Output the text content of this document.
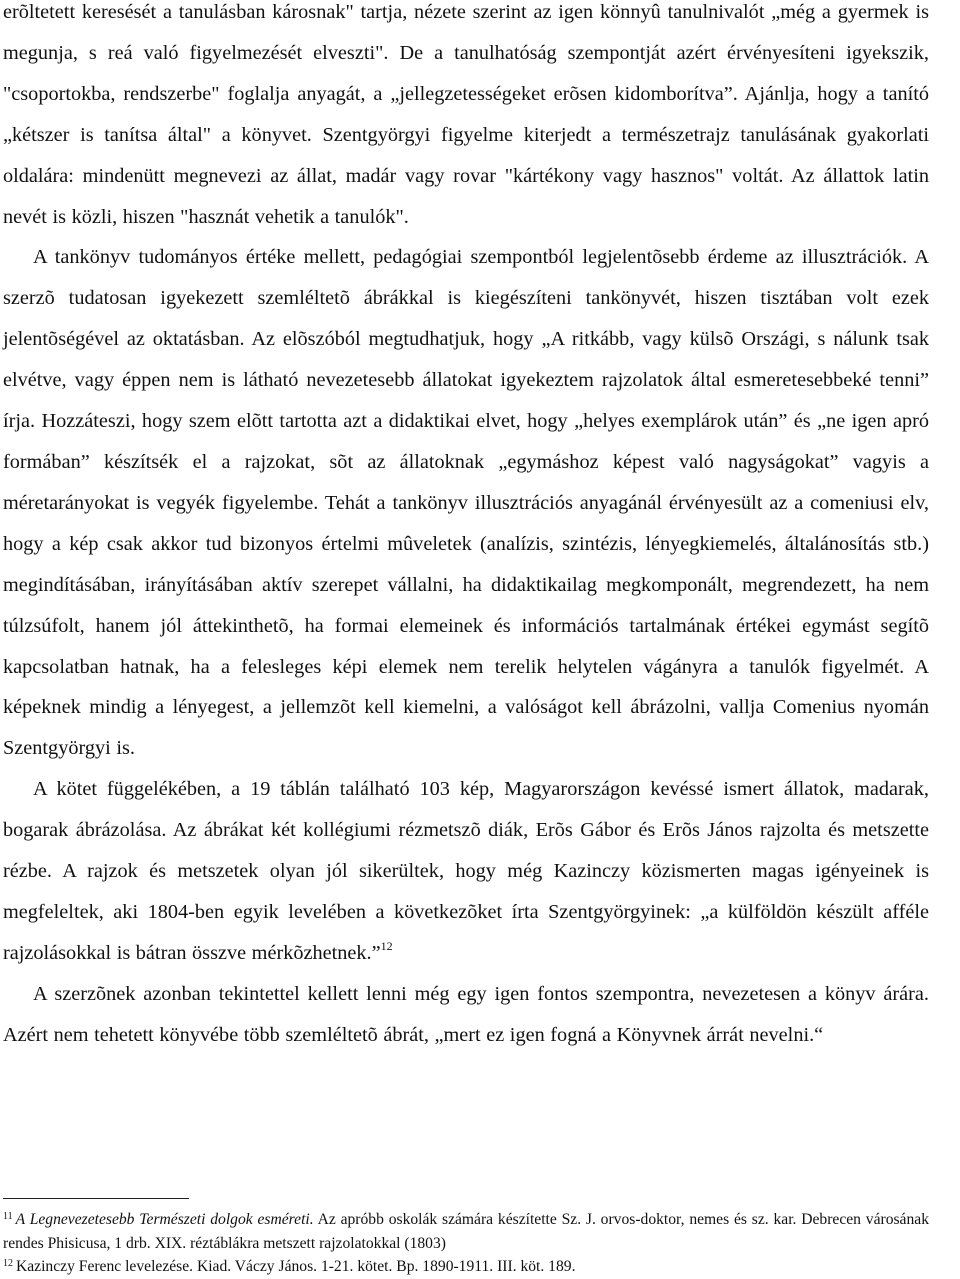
erõltetett keresését a tanulásban károsnak" tartja, nézete szerint az igen könnyû tanulnivalót „még a gyermek is megunja, s reá való figyelmezését elveszti". De a tanulhatóság szempontját azért érvényesíteni igyekszik, "csoportokba, rendszerbe" foglalja anyagát, a „jellegzetességeket erõsen kidomborítva”. Ajánlja, hogy a tanító „kétszer is tanítsa által" a könyvet. Szentgyörgyi figyelme kiterjedt a természetrajz tanulásának gyakorlati oldalára: mindenütt megnevezi az állat, madár vagy rovar "kártékony vagy hasznos" voltát. Az állattok latin nevét is közli, hiszen "hasznát vehetik a tanulók".
A tankönyv tudományos értéke mellett, pedagógiai szempontból legjelentõsebb érdeme az illusztrációk. A szerzõ tudatosan igyekezett szemléltetõ ábrákkal is kiegészíteni tankönyvét, hiszen tisztában volt ezek jelentõségével az oktatásban. Az elõszóból megtudhatjuk, hogy „A ritkább, vagy külsõ Országi, s nálunk tsak elvétve, vagy éppen nem is látható nevezetesebb állatokat igyekeztem rajzolatok által esmeretesebbeké tenni” írja. Hozzáteszi, hogy szem elõtt tartotta azt a didaktikai elvet, hogy „helyes exemplárok után” és „ne igen apró formában” készítsék el a rajzokat, sõt az állatoknak „egymáshoz képest való nagyságokat” vagyis a méretarányokat is vegyék figyelembe. Tehát a tankönyv illusztrációs anyagánál érvényesült az a comeniusi elv, hogy a kép csak akkor tud bizonyos értelmi mûveletek (analízis, szintézis, lényegkiemelés, általánosítás stb.) megindításában, irányításában aktív szerepet vállalni, ha didaktikailag megkomponált, megrendezett, ha nem túlzsúfolt, hanem jól áttekinthetõ, ha formai elemeinek és információs tartalmának értékei egymást segítõ kapcsolatban hatnak, ha a felesleges képi elemek nem terelik helytelen vágányra a tanulók figyelmét. A képeknek mindig a lényegest, a jellemzõt kell kiemelni, a valóságot kell ábrázolni, vallja Comenius nyomán Szentgyörgyi is.
A kötet függelékében, a 19 táblán található 103 kép, Magyarországon kevéssé ismert állatok, madarak, bogarak ábrázolása. Az ábrákat két kollégiumi rézmetszõ diák, Erõs Gábor és Erõs János rajzolta és metszette rézbe. A rajzok és metszetek olyan jól sikerültek, hogy még Kazinczy közismerten magas igényeinek is megfeleltek, aki 1804-ben egyik levelében a következõket írta Szentgyörgyinek: „a külföldön készült afféle rajzolásokkal is bátran összve mérkõzhetnek.”$^{12}$
A szerzõnek azonban tekintettel kellett lenni még egy igen fontos szempontra, nevezetesen a könyv árára. Azért nem tehetett könyvébe több szemléltetõ ábrát, „mert ez igen fogná a Könyvnek árrát nevelni.“

$^{11}$ A Legnevezetesebb Természeti dolgok esméreti. Az apróbb oskolák számára készítette Sz. J. orvos-doktor, nemes és sz. kar. Debrecen városának rendes Phisicusa, 1 drb. XIX. réztáblákra metszett rajzolatokkal (1803)

$^{12}$ Kazinczy Ferenc levelezése. Kiad. Váczy János. 1-21. kötet. Bp. 1890-1911. III. köt. 189.
